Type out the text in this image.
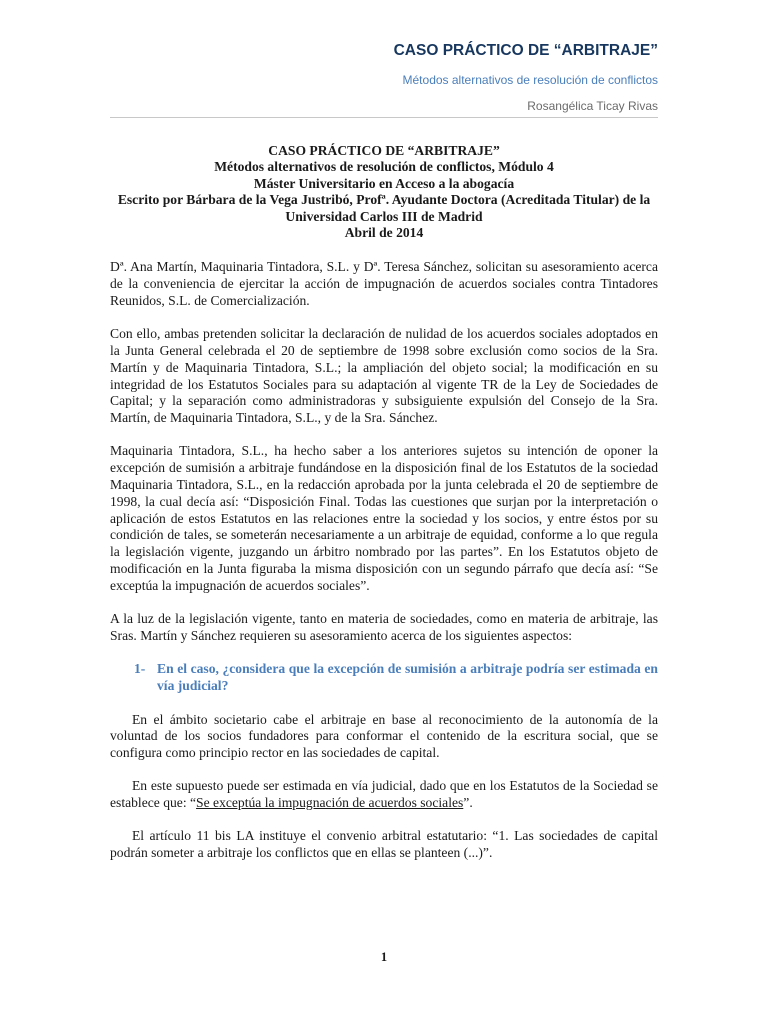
CASO PRÁCTICO DE “ARBITRAJE”
Métodos alternativos de resolución de conflictos
Rosangélica Ticay Rivas
CASO PRÁCTICO DE “ARBITRAJE”
Métodos alternativos de resolución de conflictos, Módulo 4
Máster Universitario en Acceso a la abogacía
Escrito por Bárbara de la Vega Justribó, Profª. Ayudante Doctora (Acreditada Titular) de la Universidad Carlos III de Madrid
Abril de 2014

Dª. Ana Martín, Maquinaria Tintadora, S.L. y Dª. Teresa Sánchez, solicitan su asesoramiento acerca de la conveniencia de ejercitar la acción de impugnación de acuerdos sociales contra Tintadores Reunidos, S.L. de Comercialización.

Con ello, ambas pretenden solicitar la declaración de nulidad de los acuerdos sociales adoptados en la Junta General celebrada el 20 de septiembre de 1998 sobre exclusión como socios de la Sra. Martín y de Maquinaria Tintadora, S.L.; la ampliación del objeto social; la modificación en su integridad de los Estatutos Sociales para su adaptación al vigente TR de la Ley de Sociedades de Capital; y la separación como administradoras y subsiguiente expulsión del Consejo de la Sra. Martín, de Maquinaria Tintadora, S.L., y de la Sra. Sánchez.

Maquinaria Tintadora, S.L., ha hecho saber a los anteriores sujetos su intención de oponer la excepción de sumisión a arbitraje fundándose en la disposición final de los Estatutos de la sociedad Maquinaria Tintadora, S.L., en la redacción aprobada por la junta celebrada el 20 de septiembre de 1998, la cual decía así: “Disposición Final. Todas las cuestiones que surjan por la interpretación o aplicación de estos Estatutos en las relaciones entre la sociedad y los socios, y entre éstos por su condición de tales, se someterán necesariamente a un arbitraje de equidad, conforme a lo que regula la legislación vigente, juzgando un árbitro nombrado por las partes”. En los Estatutos objeto de modificación en la Junta figuraba la misma disposición con un segundo párrafo que decía así: “Se exceptúa la impugnación de acuerdos sociales”.

A la luz de la legislación vigente, tanto en materia de sociedades, como en materia de arbitraje, las Sras. Martín y Sánchez requieren su asesoramiento acerca de los siguientes aspectos:

1- En el caso, ¿considera que la excepción de sumisión a arbitraje podría ser estimada en vía judicial?

En el ámbito societario cabe el arbitraje en base al reconocimiento de la autonomía de la voluntad de los socios fundadores para conformar el contenido de la escritura social, que se configura como principio rector en las sociedades de capital.

En este supuesto puede ser estimada en vía judicial, dado que en los Estatutos de la Sociedad se establece que: “Se exceptúa la impugnación de acuerdos sociales”.

El artículo 11 bis LA instituye el convenio arbitral estatutario: “1. Las sociedades de capital podrán someter a arbitraje los conflictos que en ellas se planteen (...)”.

1
